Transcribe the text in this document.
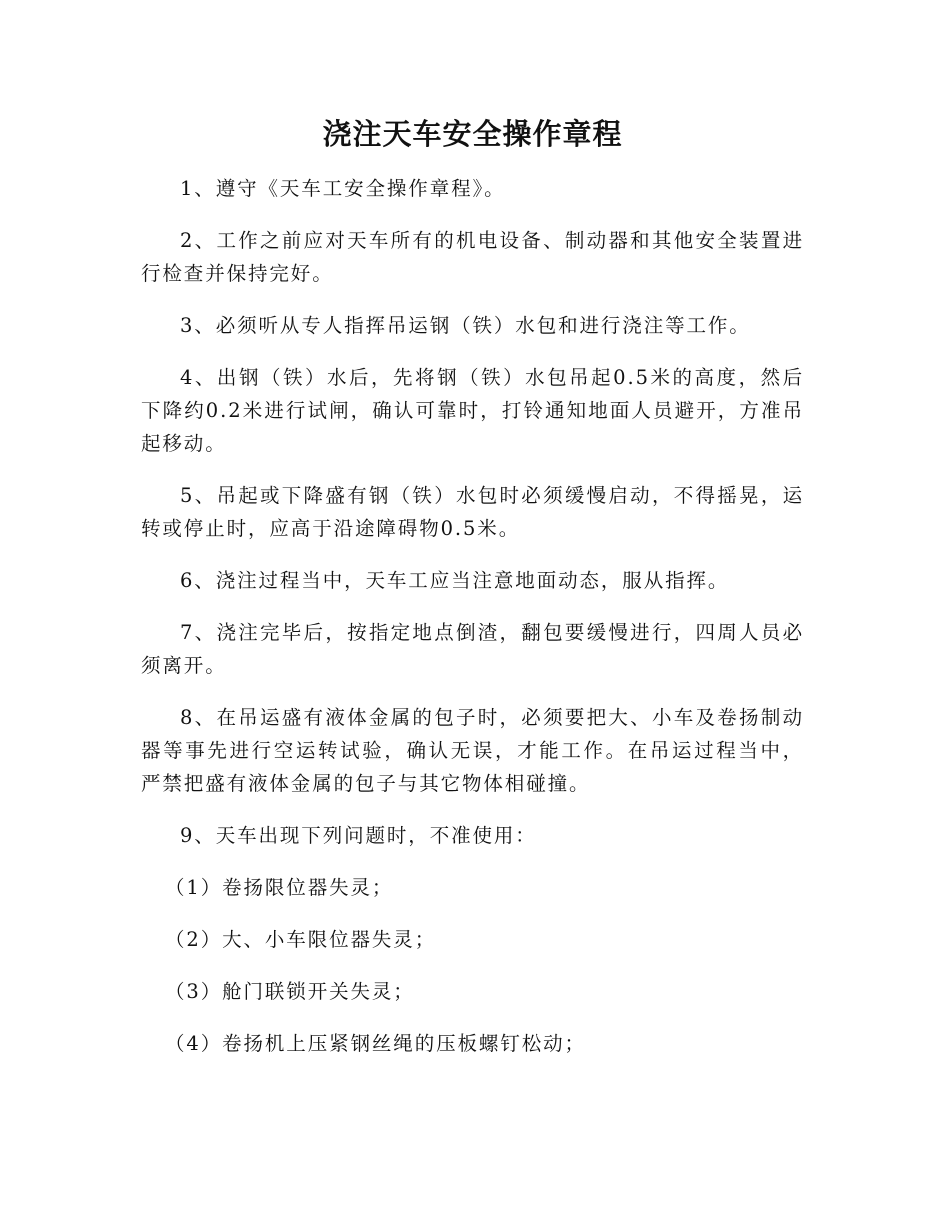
浇注天车安全操作章程

1、遵守《天车工安全操作章程》。

2、工作之前应对天车所有的机电设备、制动器和其他安全装置进行检查并保持完好。

3、必须听从专人指挥吊运钢（铁）水包和进行浇注等工作。

4、出钢（铁）水后，先将钢（铁）水包吊起0.5米的高度，然后下降约0.2米进行试闸，确认可靠时，打铃通知地面人员避开，方准吊起移动。

5、吊起或下降盛有钢（铁）水包时必须缓慢启动，不得摇晃，运转或停止时，应高于沿途障碍物0.5米。

6、浇注过程当中，天车工应当注意地面动态，服从指挥。

7、浇注完毕后，按指定地点倒渣，翻包要缓慢进行，四周人员必须离开。

8、在吊运盛有液体金属的包子时，必须要把大、小车及卷扬制动器等事先进行空运转试验，确认无误，才能工作。在吊运过程当中，严禁把盛有液体金属的包子与其它物体相碰撞。

9、天车出现下列问题时，不准使用：

（1）卷扬限位器失灵；

（2）大、小车限位器失灵；

（3）舱门联锁开关失灵；

（4）卷扬机上压紧钢丝绳的压板螺钉松动；
